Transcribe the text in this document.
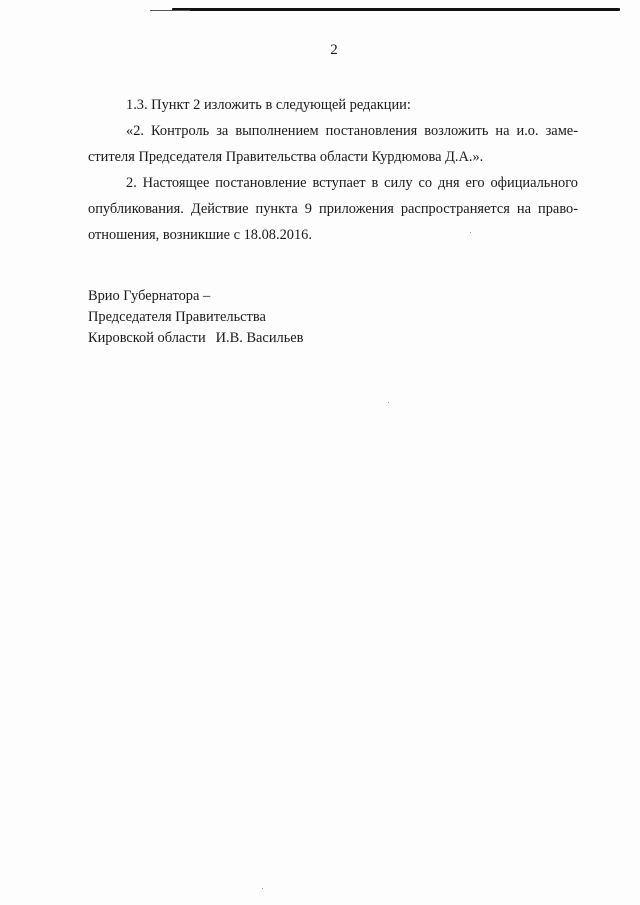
2

1.3. Пункт 2 изложить в следующей редакции:

«2. Контроль за выполнением постановления возложить на и.о. заме-
стителя Председателя Правительства области Курдюмова Д.А.».

2. Настоящее постановление вступает в силу со дня его официального
опубликования. Действие пункта 9 приложения распространяется на право-
отношения, возникшие с 18.08.2016.

Врио Губернатора –
Председателя Правительства
Кировской области И.В. Васильев
